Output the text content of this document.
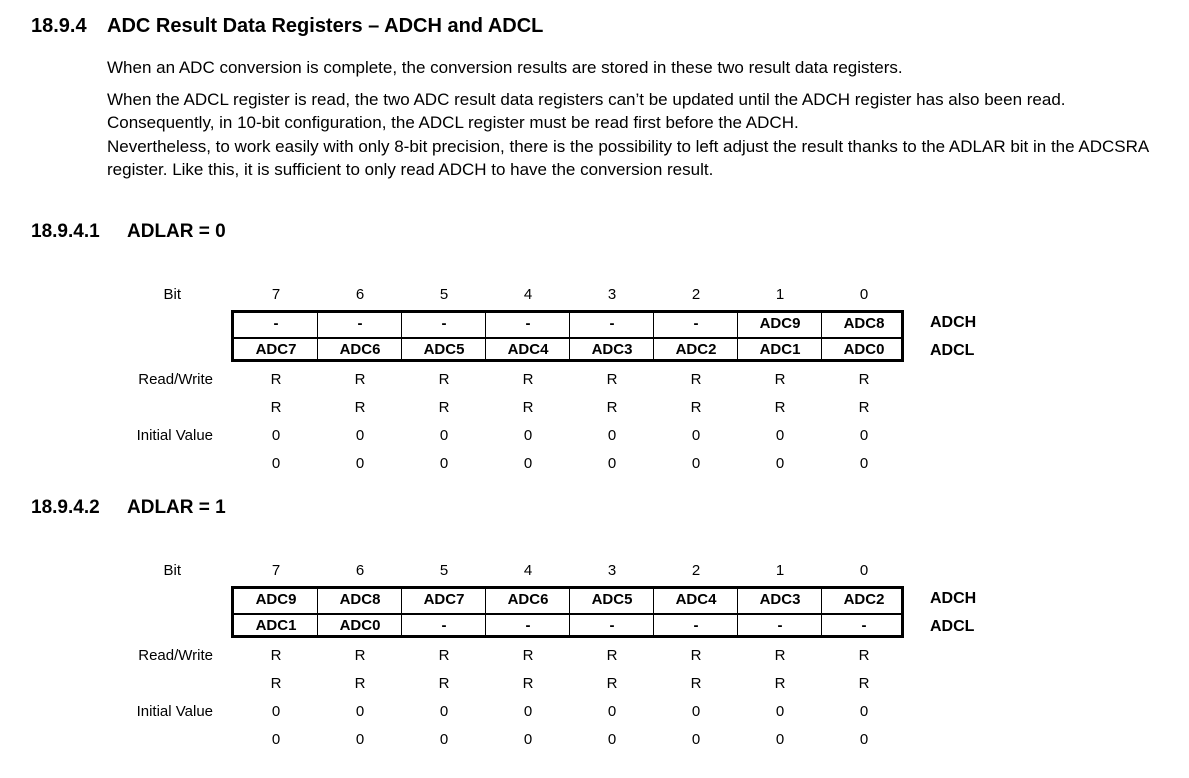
18.9.4 ADC Result Data Registers – ADCH and ADCL

When an ADC conversion is complete, the conversion results are stored in these two result data registers.

When the ADCL register is read, the two ADC result data registers can’t be updated until the ADCH register has also been read.

Consequently, in 10-bit configuration, the ADCL register must be read first before the ADCH.

Nevertheless, to work easily with only 8-bit precision, there is the possibility to left adjust the result thanks to the ADLAR bit in the ADCSRA register. Like this, it is sufficient to only read ADCH to have the conversion result.

18.9.4.1 ADLAR = 0
Bit	7	6	5	4	3	2	1	0
-	-	-	-	-	-	ADC9	ADC8
ADC7	ADC6	ADC5	ADC4	ADC3	ADC2	ADC1	ADC0
ADCH
ADCL
Read/Write	R	R	R	R	R	R	R	R
R	R	R	R	R	R	R	R
Initial Value	0	0	0	0	0	0	0	0
0	0	0	0	0	0	0	0
18.9.4.2 ADLAR = 1
Bit	7	6	5	4	3	2	1	0
ADC9	ADC8	ADC7	ADC6	ADC5	ADC4	ADC3	ADC2
ADC1	ADC0	-	-	-	-	-	-
ADCH
ADCL
Read/Write	R	R	R	R	R	R	R	R
R	R	R	R	R	R	R	R
Initial Value	0	0	0	0	0	0	0	0
0	0	0	0	0	0	0	0
